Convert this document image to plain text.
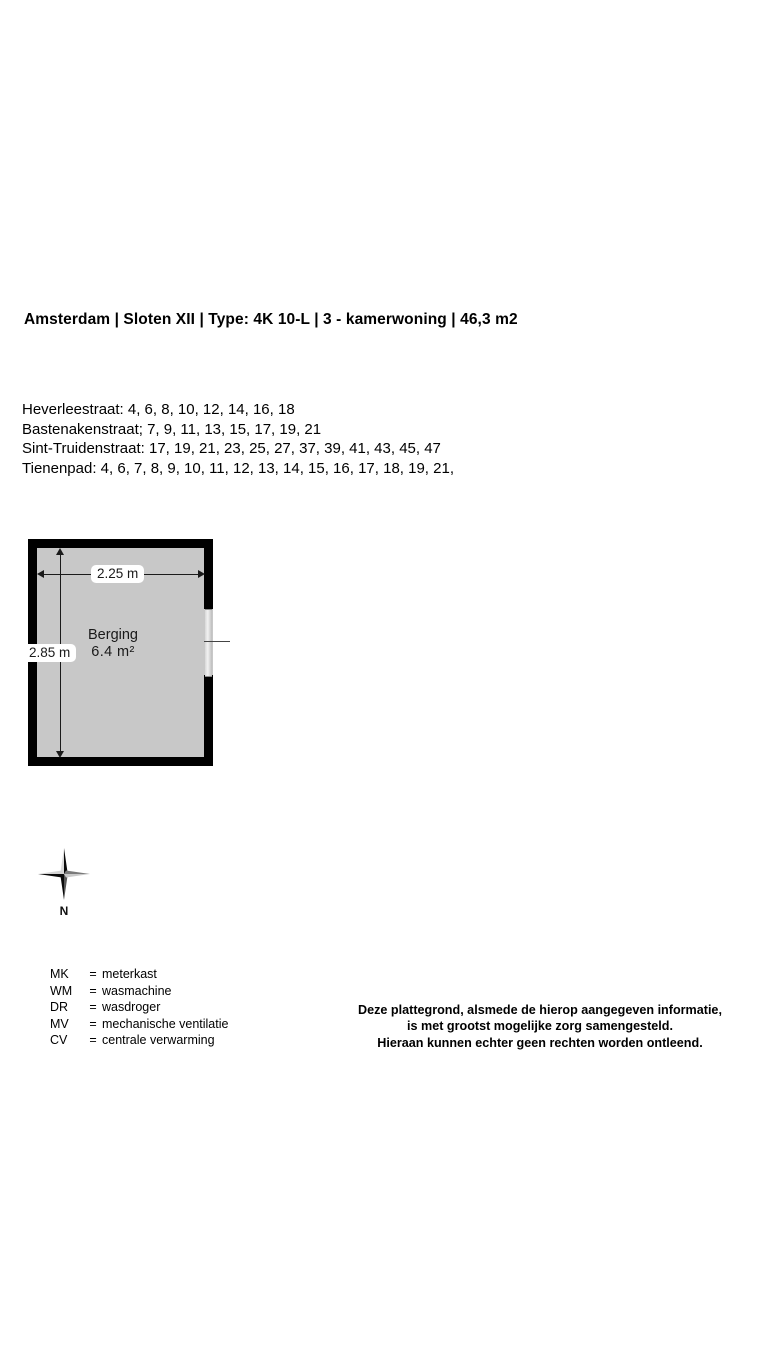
Amsterdam | Sloten XII | Type: 4K 10-L | 3 - kamerwoning | 46,3 m2
Heverleestraat: 4, 6, 8, 10, 12, 14, 16, 18
Bastenakenstraat; 7, 9, 11, 13, 15, 17, 19, 21
Sint-Truidenstraat: 17, 19, 21, 23, 25, 27, 37, 39, 41, 43, 45, 47
Tienenpad: 4, 6, 7, 8, 9, 10, 11, 12, 13, 14, 15, 16, 17, 18, 19, 21,
2.25 m
2.85 m
Berging
6.4 m²
N
MK	=	meterkast
WM	=	wasmachine
DR	=	wasdroger
MV	=	mechanische ventilatie
CV	=	centrale verwarming
Deze plattegrond, alsmede de hierop aangegeven informatie,
is met grootst mogelijke zorg samengesteld.
Hieraan kunnen echter geen rechten worden ontleend.
